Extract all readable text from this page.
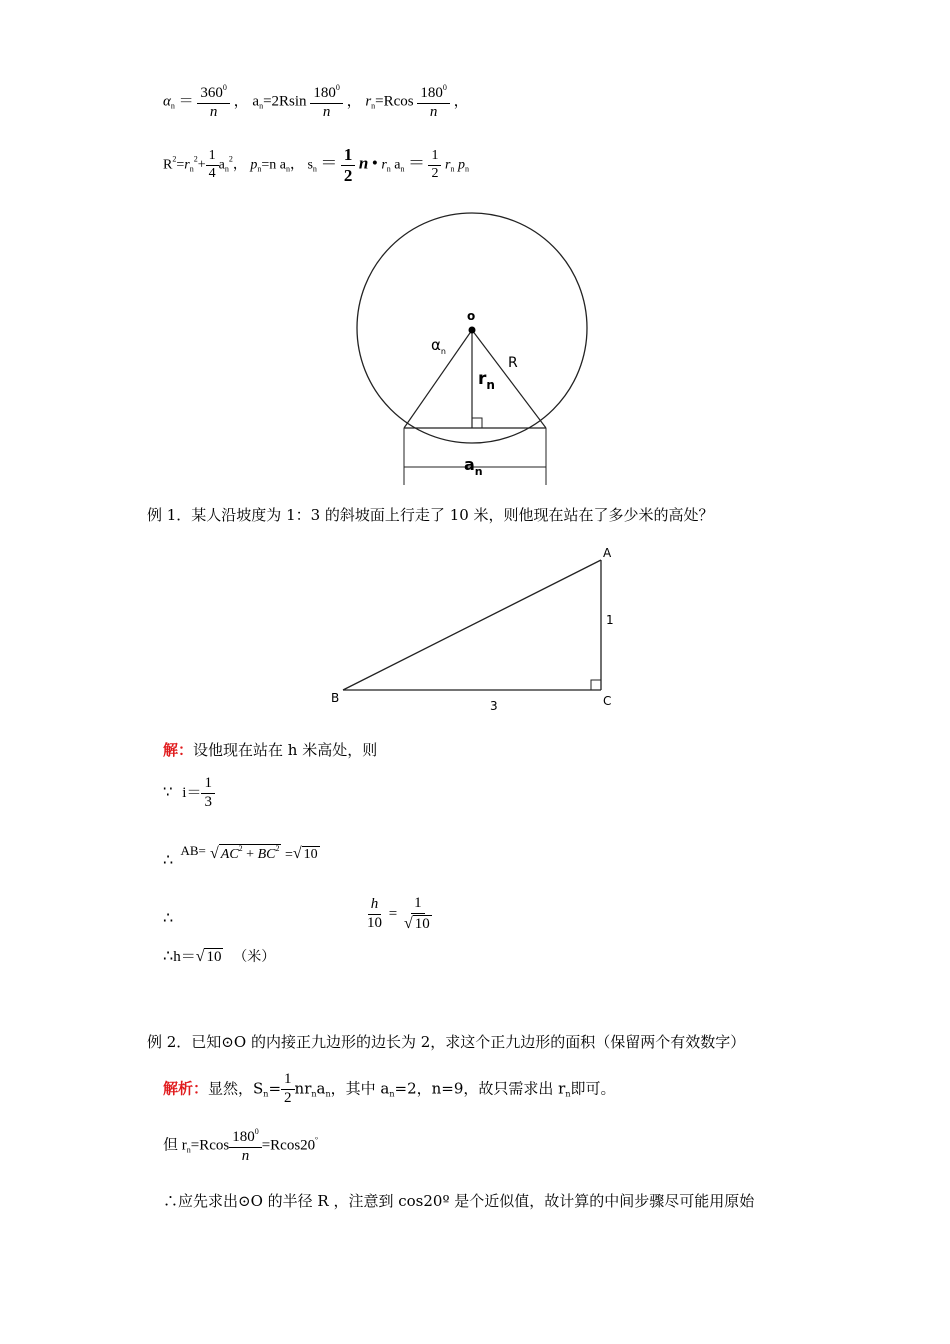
$\alpha_n = \frac{360^0}{n}$ ， $a_n=2Rsin \frac{180^0}{n}$ ， $r_n=Rcos \frac{180^0}{n}$ ，
$R^2=r_n^2+ \frac{1}{4} a_n^2$， $p_n=n$ $a_n$， $s_n = \frac{1}{2}$ n • $r_n$ $a_n = \frac{1}{2} r_n$ $p_n$
o
$\alpha_n$
R
$r_n$
$a_n$
例 1．某人沿坡度为 1：3 的斜坡面上行走了 10 米，则他现在站在了多少米的高处？
A
B	C
1
3
解：设他现在站在 h 米高处，则
∵ $i= \frac{1}{3}$
∴ AB= √ $AC^2 + BC^2$ = √ 10
∴	$\frac{h}{10} = \frac{1}{√ 10}$
∴h＝ √ 10 （米）
例 2．已知⊙O 的内接正九边形的边长为 2，求这个正九边形的面积（保留两个有效数字）
解析：显然，$S_n= \frac{1}{2} nr_na_n$，其中 $a_n=2$，n=9，故只需求出 $r_n$即可。
但 $r_n=Rcos \frac{180^0}{n} =Rcos20^º$
∴应先求出⊙O 的半径 R ，注意到 cos20º 是个近似值，故计算的中间步骤尽可能用原始
